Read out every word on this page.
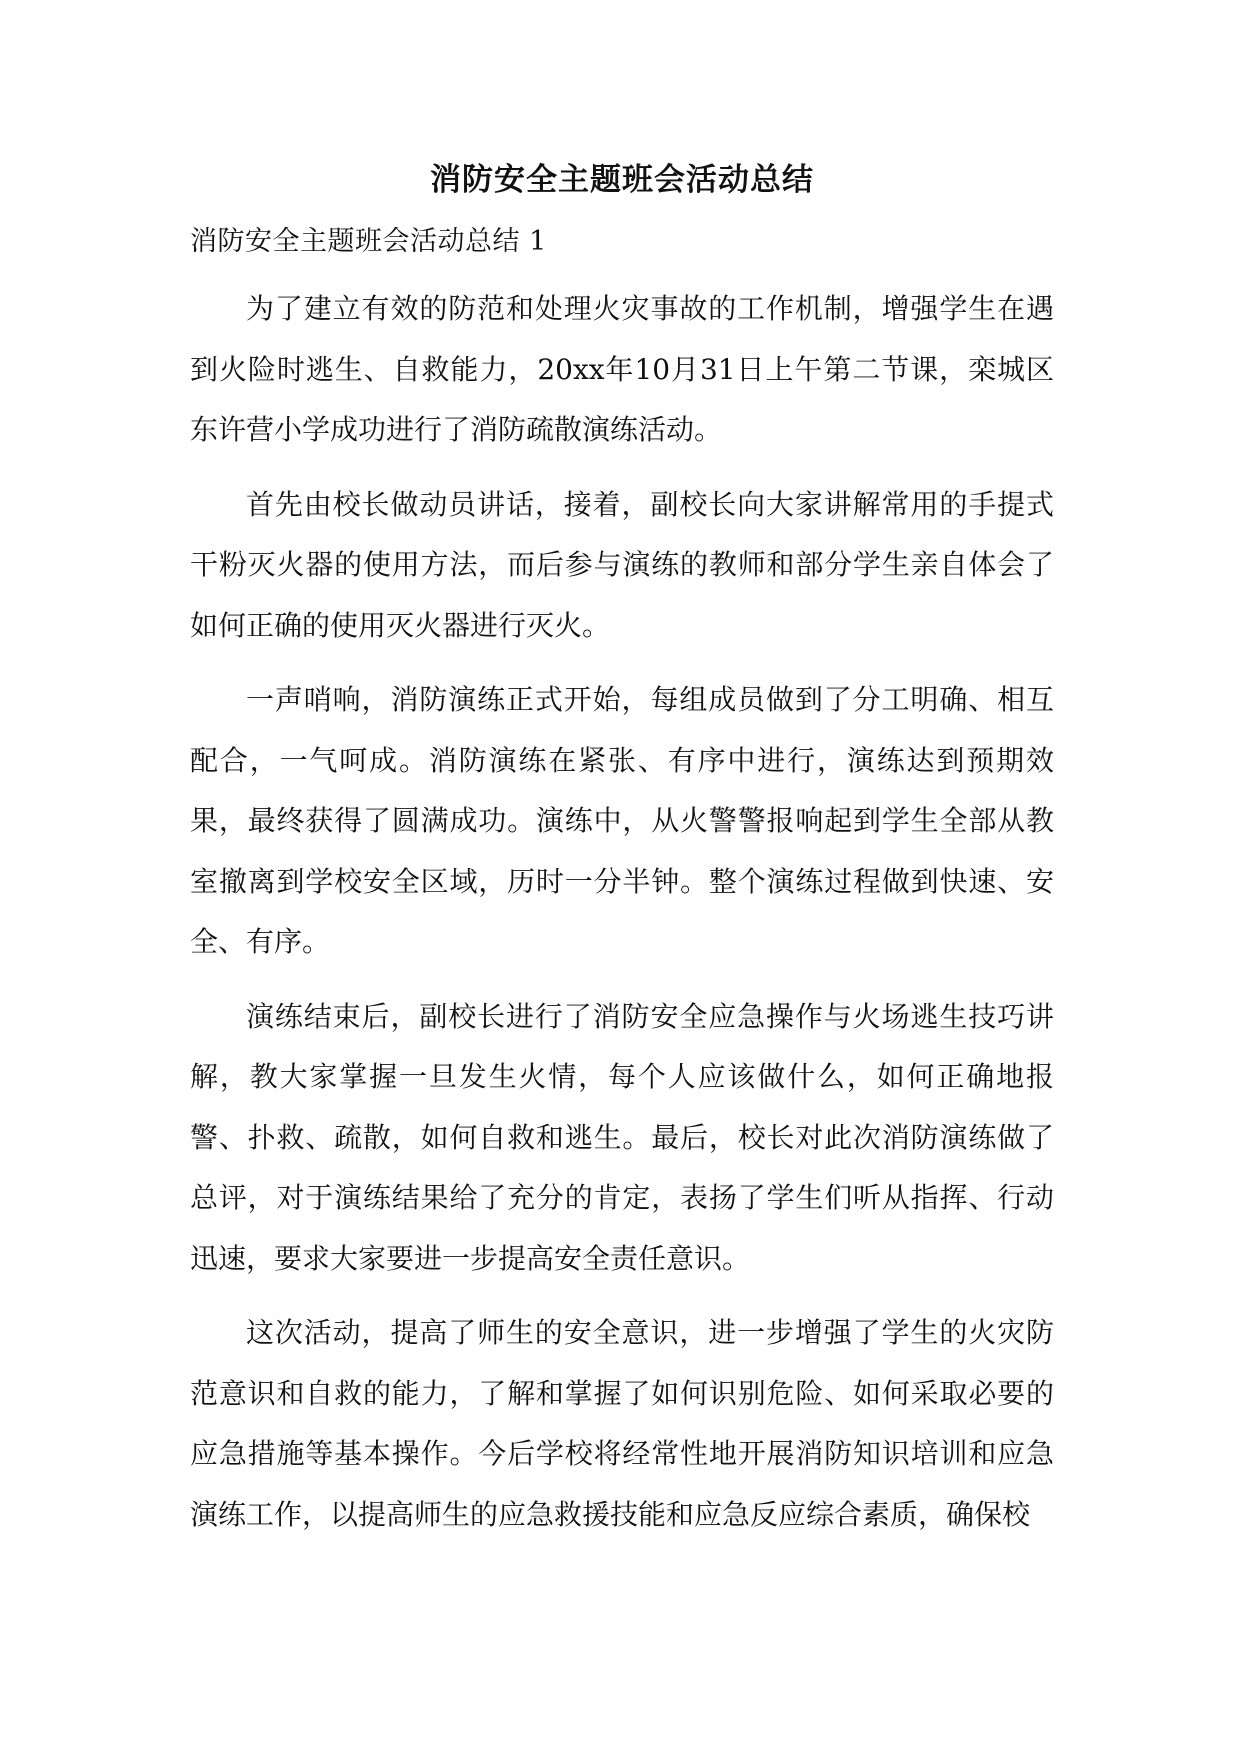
消防安全主题班会活动总结
消防安全主题班会活动总结 1

为了建立有效的防范和处理火灾事故的工作机制，增强学生在遇到火险时逃生、自救能力，20xx年10月31日上午第二节课，栾城区东许营小学成功进行了消防疏散演练活动。

首先由校长做动员讲话，接着，副校长向大家讲解常用的手提式干粉灭火器的使用方法，而后参与演练的教师和部分学生亲自体会了如何正确的使用灭火器进行灭火。

一声哨响，消防演练正式开始，每组成员做到了分工明确、相互配合，一气呵成。消防演练在紧张、有序中进行，演练达到预期效果，最终获得了圆满成功。演练中，从火警警报响起到学生全部从教室撤离到学校安全区域，历时一分半钟。整个演练过程做到快速、安全、有序。

演练结束后，副校长进行了消防安全应急操作与火场逃生技巧讲解，教大家掌握一旦发生火情，每个人应该做什么，如何正确地报警、扑救、疏散，如何自救和逃生。最后，校长对此次消防演练做了总评，对于演练结果给了充分的肯定，表扬了学生们听从指挥、行动迅速，要求大家要进一步提高安全责任意识。

这次活动，提高了师生的安全意识，进一步增强了学生的火灾防范意识和自救的能力，了解和掌握了如何识别危险、如何采取必要的应急措施等基本操作。今后学校将经常性地开展消防知识培训和应急演练工作，以提高师生的应急救援技能和应急反应综合素质，确保校
